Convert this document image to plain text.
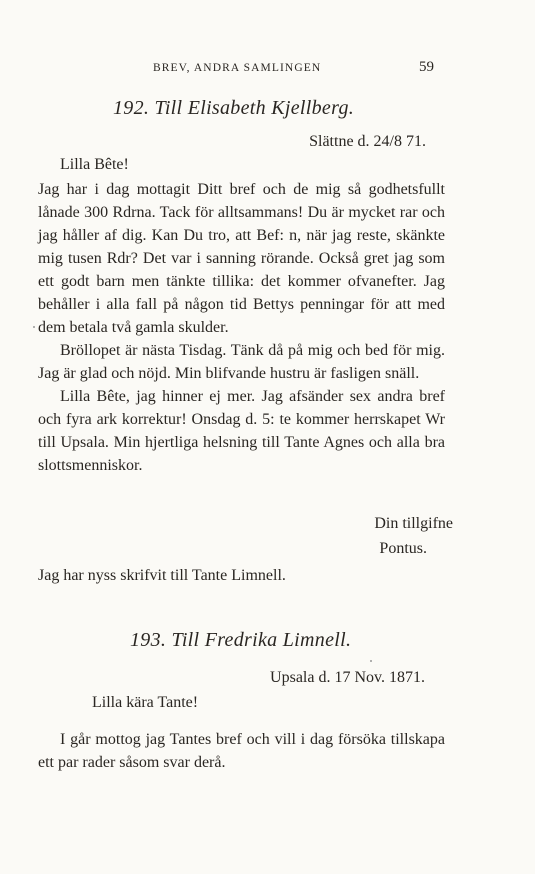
BREV, ANDRA SAMLINGEN	59
192. Till Elisabeth Kjellberg.
Slättne d. 24/8 71.
Lilla Bête!

Jag har i dag mottagit Ditt bref och de mig så godhetsfullt lånade 300 Rdrna. Tack för alltsammans! Du är mycket rar och jag håller af dig. Kan Du tro, att Bef: n, när jag reste, skänkte mig tusen Rdr? Det var i sanning rörande. Också gret jag som ett godt barn men tänkte tillika: det kommer ofvanefter. Jag behåller i alla fall på någon tid Bettys penningar för att med dem betala två gamla skulder.

Bröllopet är nästa Tisdag. Tänk då på mig och bed för mig. Jag är glad och nöjd. Min blifvande hustru är fasligen snäll.

Lilla Bête, jag hinner ej mer. Jag afsänder sex andra bref och fyra ark korrektur! Onsdag d. 5: te kommer herrskapet Wr till Upsala. Min hjertliga helsning till Tante Agnes och alla bra slottsmenniskor.

Din tillgifne
Pontus.
Jag har nyss skrifvit till Tante Limnell.
193. Till Fredrika Limnell.
Upsala d. 17 Nov. 1871.
Lilla kära Tante!

I går mottog jag Tantes bref och vill i dag försöka tillskapa ett par rader såsom svar derå.
